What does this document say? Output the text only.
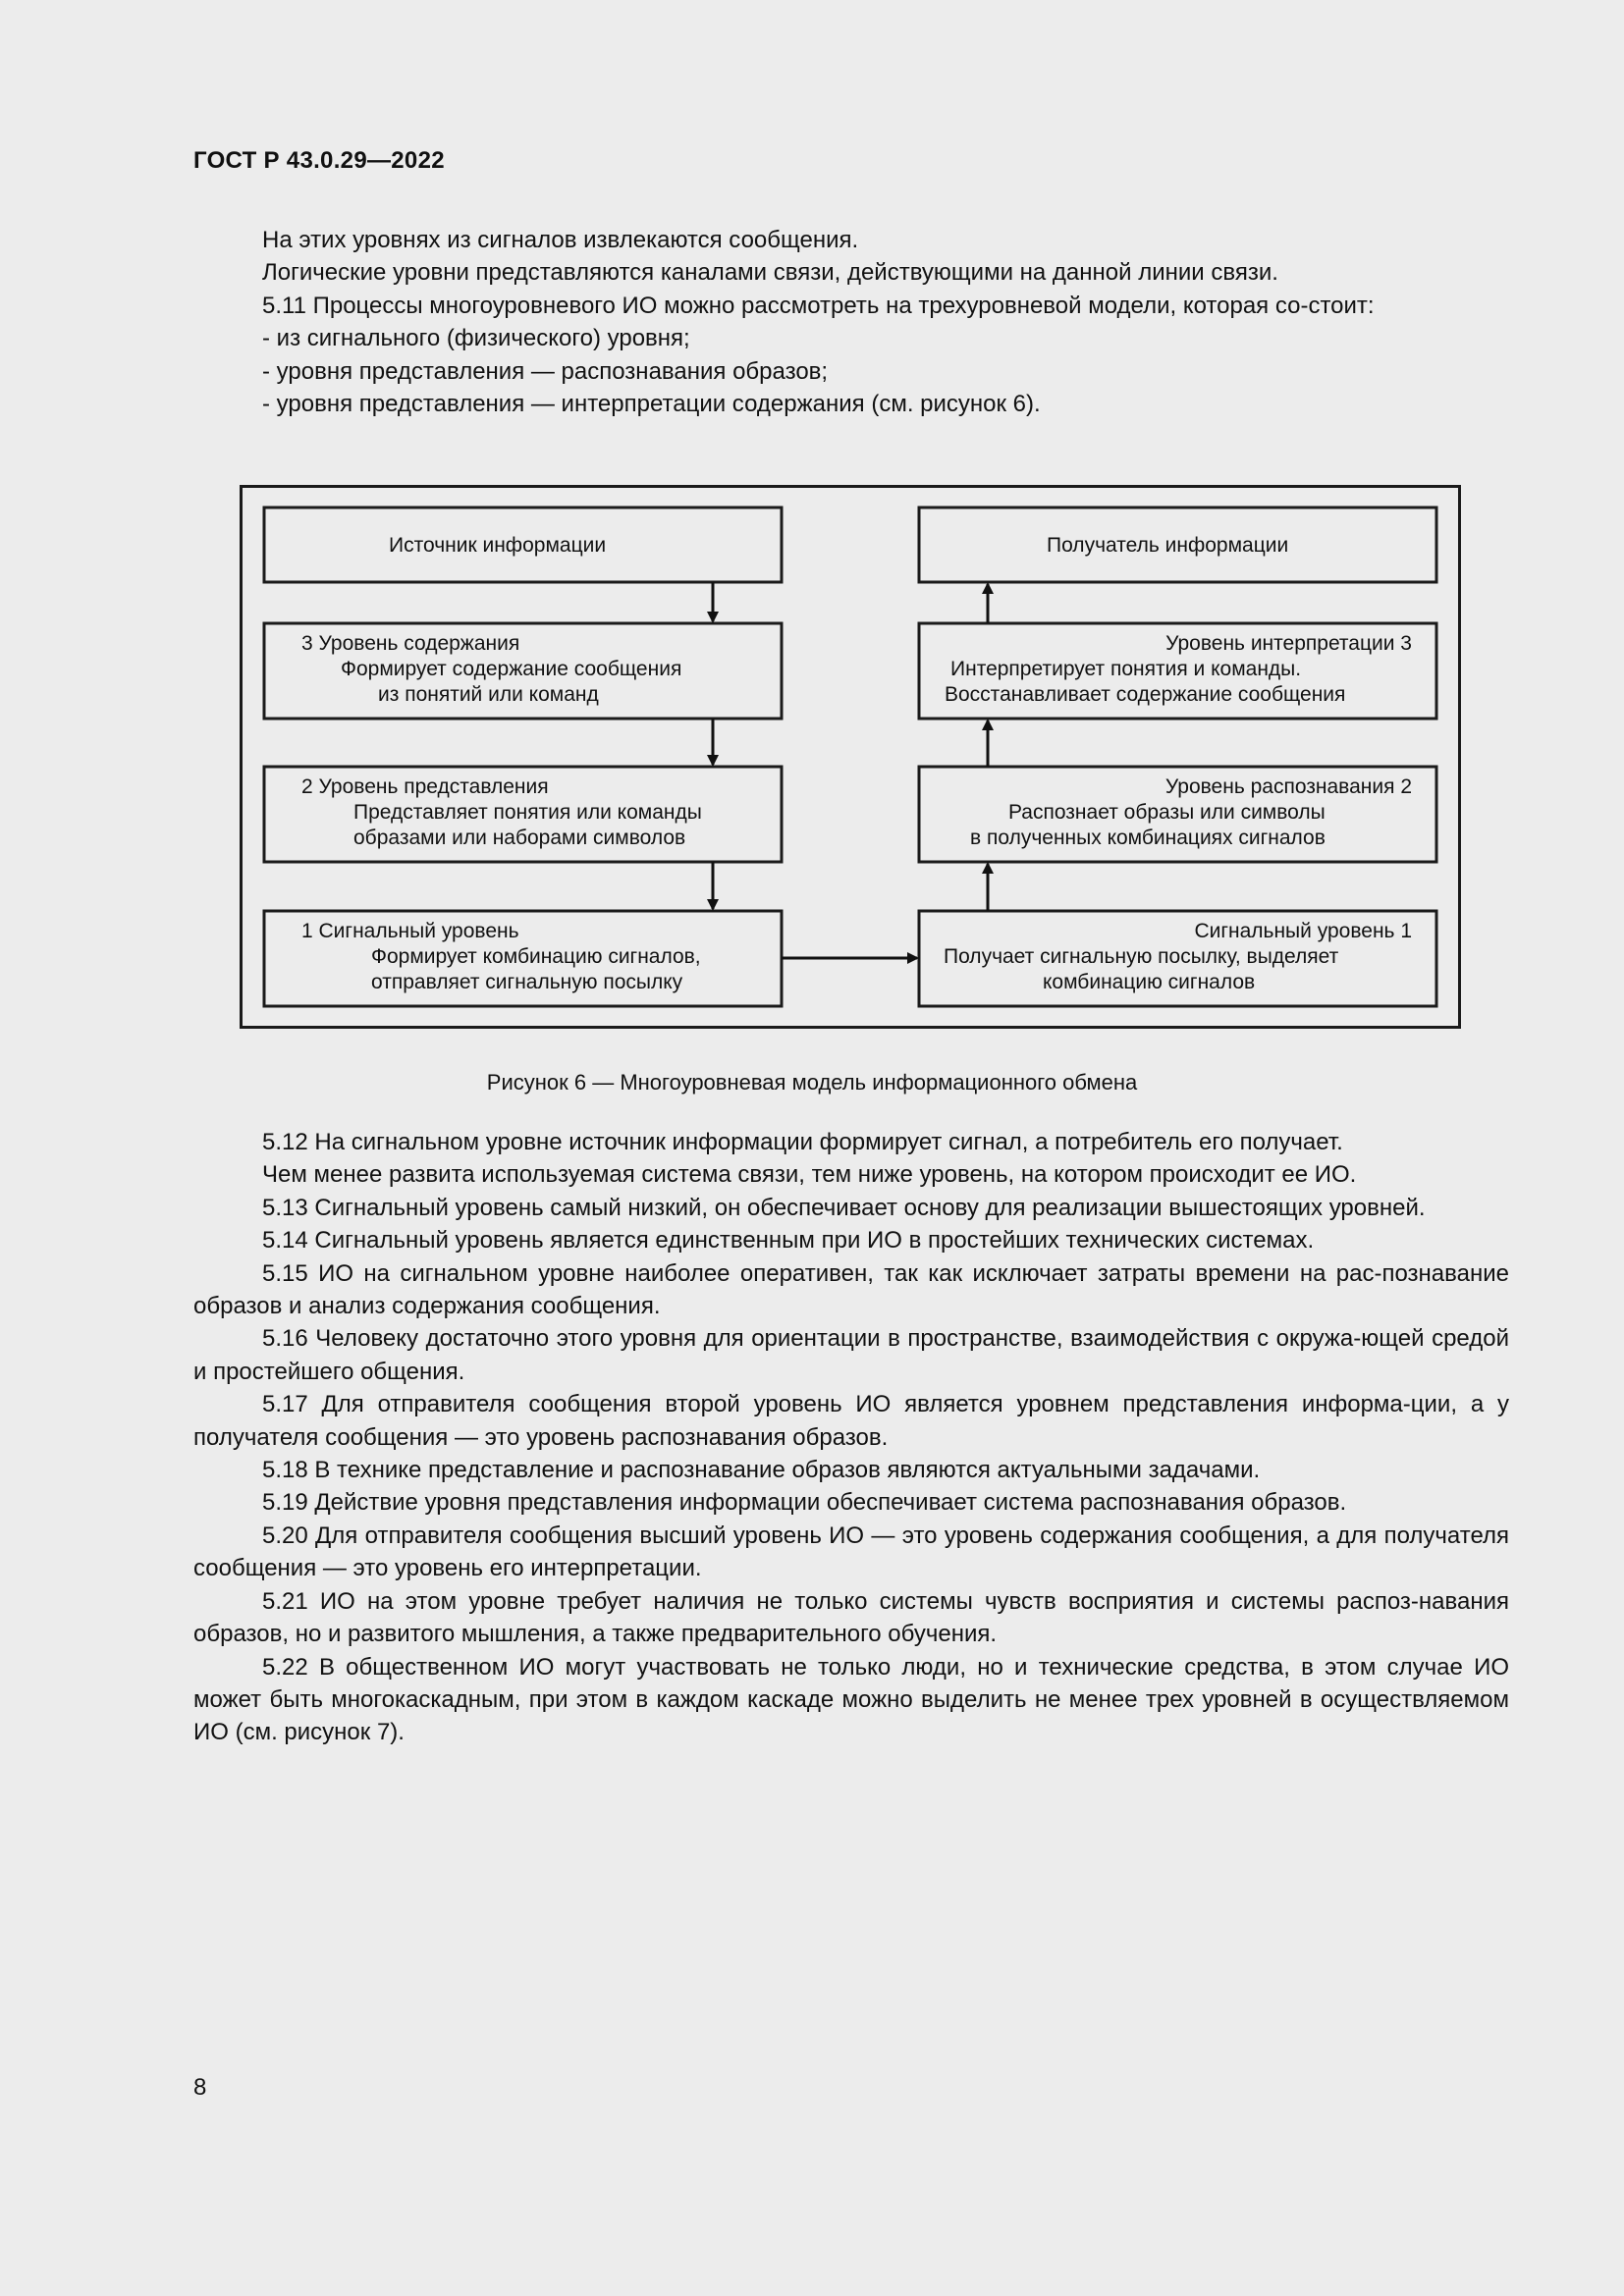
ГОСТ Р 43.0.29—2022

На этих уровнях из сигналов извлекаются сообщения.

Логические уровни представляются каналами связи, действующими на данной линии связи.

5.11 Процессы многоуровневого ИО можно рассмотреть на трехуровневой модели, которая со-стоит:

- из сигнального (физического) уровня;

- уровня представления — распознавания образов;

- уровня представления — интерпретации содержания (см. рисунок 6).

Источник информации
3 Уровень содержания
Формирует содержание сообщения
из понятий или команд
2 Уровень представления
Представляет понятия или команды
образами или наборами символов
1 Сигнальный уровень
Формирует комбинацию сигналов,
отправляет сигнальную посылку
Получатель информации
Уровень интерпретации 3
Интерпретирует понятия и команды.
Восстанавливает содержание сообщения
Уровень распознавания 2
Распознает образы или символы
в полученных комбинациях сигналов
Сигнальный уровень 1
Получает сигнальную посылку, выделяет
комбинацию сигналов
Рисунок 6 — Многоуровневая модель информационного обмена

5.12 На сигнальном уровне источник информации формирует сигнал, а потребитель его получает.

Чем менее развита используемая система связи, тем ниже уровень, на котором происходит ее ИО.

5.13 Сигнальный уровень самый низкий, он обеспечивает основу для реализации вышестоящих уровней.

5.14 Сигнальный уровень является единственным при ИО в простейших технических системах.

5.15 ИО на сигнальном уровне наиболее оперативен, так как исключает затраты времени на рас-познавание образов и анализ содержания сообщения.

5.16 Человеку достаточно этого уровня для ориентации в пространстве, взаимодействия с окружа-ющей средой и простейшего общения.

5.17 Для отправителя сообщения второй уровень ИО является уровнем представления информа-ции, а у получателя сообщения — это уровень распознавания образов.

5.18 В технике представление и распознавание образов являются актуальными задачами.

5.19 Действие уровня представления информации обеспечивает система распознавания образов.

5.20 Для отправителя сообщения высший уровень ИО — это уровень содержания сообщения, а для получателя сообщения — это уровень его интерпретации.

5.21 ИО на этом уровне требует наличия не только системы чувств восприятия и системы распоз-навания образов, но и развитого мышления, а также предварительного обучения.

5.22 В общественном ИО могут участвовать не только люди, но и технические средства, в этом случае ИО может быть многокаскадным, при этом в каждом каскаде можно выделить не менее трех уровней в осуществляемом ИО (см. рисунок 7).

8
